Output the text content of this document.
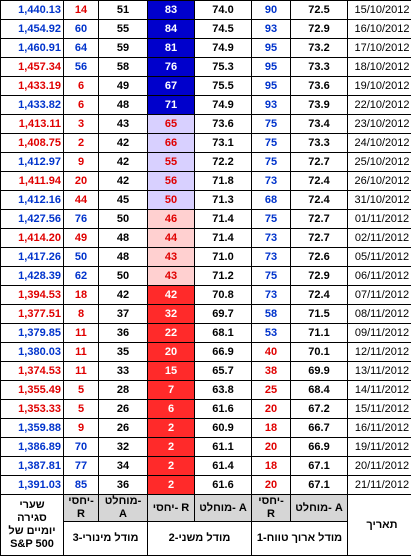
1,440.13	14	51	83	74.0	90	72.5	15/10/2012
1,454.92	60	55	84	74.5	93	72.9	16/10/2012
1,460.91	64	59	81	74.9	95	73.2	17/10/2012
1,457.34	56	58	76	75.3	95	73.3	18/10/2012
1,433.19	6	49	67	75.5	95	73.6	19/10/2012
1,433.82	6	48	71	74.9	93	73.9	22/10/2012
1,413.11	3	43	65	73.6	75	73.4	23/10/2012
1,408.75	2	42	66	73.1	75	73.3	24/10/2012
1,412.97	9	42	55	72.2	75	72.7	25/10/2012
1,411.94	20	42	56	71.8	73	72.4	26/10/2012
1,412.16	44	45	50	71.3	68	72.4	31/10/2012
1,427.56	76	50	46	71.4	75	72.7	01/11/2012
1,414.20	49	48	44	71.4	73	72.7	02/11/2012
1,417.26	50	48	43	71.0	73	72.6	05/11/2012
1,428.39	62	50	43	71.2	75	72.9	06/11/2012
1,394.53	18	42	42	70.8	73	72.4	07/11/2012
1,377.51	8	37	32	69.7	58	71.5	08/11/2012
1,379.85	11	36	22	68.1	53	71.1	09/11/2012
1,380.03	11	35	20	66.9	40	70.1	12/11/2012
1,374.53	11	33	15	65.7	38	69.9	13/11/2012
1,355.49	5	28	7	63.8	25	68.4	14/11/2012
1,353.33	5	26	6	61.6	20	67.2	15/11/2012
1,359.88	9	26	2	60.9	18	66.7	16/11/2012
1,386.89	70	32	2	61.1	20	66.9	19/11/2012
1,387.81	77	34	2	61.4	18	67.1	20/11/2012
1,391.03	85	36	2	61.6	20	67.1	21/11/2012
שערי סגירה יומיים של S&P 500	יחסי- R	מוחלט- A	יחסי- R	מוחלט- A	יחסי- R	מוחלט- A	תאריך
	מודל מינורי-3		מודל משני-2		מודל ארוך טווח-1		
